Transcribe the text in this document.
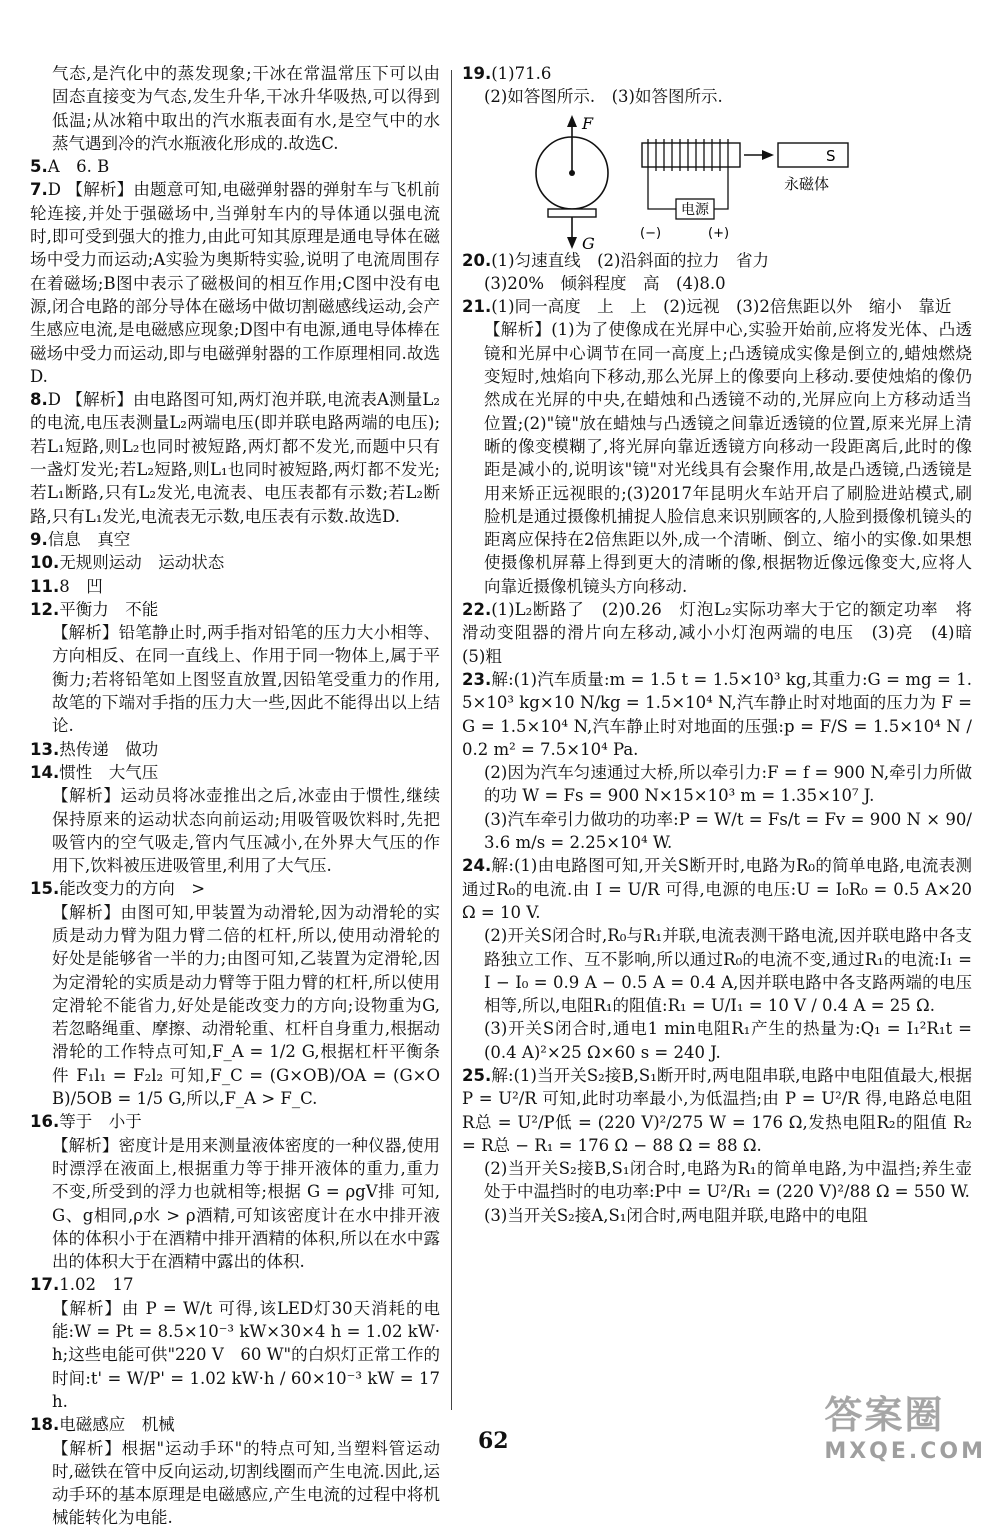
气态,是汽化中的蒸发现象;干冰在常温常压下可以由固态直接变为气态,发生升华,干冰升华吸热,可以得到低温;从冰箱中取出的汽水瓶表面有水,是空气中的水蒸气遇到冷的汽水瓶液化形成的.故选C.

5.A　6. B

7.D 【解析】由题意可知,电磁弹射器的弹射车与飞机前轮连接,并处于强磁场中,当弹射车内的导体通以强电流时,即可受到强大的推力,由此可知其原理是通电导体在磁场中受力而运动;A实验为奥斯特实验,说明了电流周围存在着磁场;B图中表示了磁极间的相互作用;C图中没有电源,闭合电路的部分导体在磁场中做切割磁感线运动,会产生感应电流,是电磁感应现象;D图中有电源,通电导体棒在磁场中受力而运动,即与电磁弹射器的工作原理相同.故选D.

8.D 【解析】由电路图可知,两灯泡并联,电流表A测量L₂的电流,电压表测量L₂两端电压(即并联电路两端的电压);若L₁短路,则L₂也同时被短路,两灯都不发光,而题中只有一盏灯发光;若L₂短路,则L₁也同时被短路,两灯都不发光;若L₁断路,只有L₂发光,电流表、电压表都有示数;若L₂断路,只有L₁发光,电流表无示数,电压表有示数.故选D.

9.信息　真空

10.无规则运动　运动状态

11.8　凹

12.平衡力　不能

【解析】铅笔静止时,两手指对铅笔的压力大小相等、方向相反、在同一直线上、作用于同一物体上,属于平衡力;若将铅笔如上图竖直放置,因铅笔受重力的作用,故笔的下端对手指的压力大一些,因此不能得出以上结论.

13.热传递　做功

14.惯性　大气压

【解析】运动员将冰壶推出之后,冰壶由于惯性,继续保持原来的运动状态向前运动;用吸管吸饮料时,先把吸管内的空气吸走,管内气压减小,在外界大气压的作用下,饮料被压进吸管里,利用了大气压.

15.能改变力的方向　>

【解析】由图可知,甲装置为动滑轮,因为动滑轮的实质是动力臂为阻力臂二倍的杠杆,所以,使用动滑轮的好处是能够省一半的力;由图可知,乙装置为定滑轮,因为定滑轮的实质是动力臂等于阻力臂的杠杆,所以使用定滑轮不能省力,好处是能改变力的方向;设物重为G,若忽略绳重、摩擦、动滑轮重、杠杆自身重力,根据动滑轮的工作特点可知,F_A = 1/2 G,根据杠杆平衡条件 F₁l₁ = F₂l₂ 可知,F_C = (G×OB)/OA = (G×OB)/5OB = 1/5 G,所以,F_A > F_C.

16.等于　小于

【解析】密度计是用来测量液体密度的一种仪器,使用时漂浮在液面上,根据重力等于排开液体的重力,重力不变,所受到的浮力也就相等;根据 G = ρgV排 可知,G、g相同,ρ水 > ρ酒精,可知该密度计在水中排开液体的体积小于在酒精中排开酒精的体积,所以在水中露出的体积大于在酒精中露出的体积.

17.1.02　17

【解析】由 P = W/t 可得,该LED灯30天消耗的电能:W = Pt = 8.5×10⁻³ kW×30×4 h = 1.02 kW·h;这些电能可供"220 V　60 W"的白炽灯正常工作的时间:t' = W/P' = 1.02 kW·h / 60×10⁻³ kW = 17 h.

18.电磁感应　机械

【解析】根据"运动手环"的特点可知,当塑料管运动时,磁铁在管中反向运动,切割线圈而产生电流.因此,运动手环的基本原理是电磁感应,产生电流的过程中将机械能转化为电能.

19.(1)71.6

(2)如答图所示.　(3)如答图所示.

F
G
S
永磁体
电源
(−)	(+)

20.(1)匀速直线　(2)沿斜面的拉力　省力

(3)20%　倾斜程度　高　(4)8.0

21.(1)同一高度　上　上　(2)远视　(3)2倍焦距以外　缩小　靠近

【解析】(1)为了使像成在光屏中心,实验开始前,应将发光体、凸透镜和光屏中心调节在同一高度上;凸透镜成实像是倒立的,蜡烛燃烧变短时,烛焰向下移动,那么光屏上的像要向上移动.要使烛焰的像仍然成在光屏的中央,在蜡烛和凸透镜不动的,光屏应向上方移动适当位置;(2)"镜"放在蜡烛与凸透镜之间靠近透镜的位置,原来光屏上清晰的像变模糊了,将光屏向靠近透镜方向移动一段距离后,此时的像距是减小的,说明该"镜"对光线具有会聚作用,故是凸透镜,凸透镜是用来矫正远视眼的;(3)2017年昆明火车站开启了刷脸进站模式,刷脸机是通过摄像机捕捉人脸信息来识别顾客的,人脸到摄像机镜头的距离应保持在2倍焦距以外,成一个清晰、倒立、缩小的实像.如果想使摄像机屏幕上得到更大的清晰的像,根据物近像远像变大,应将人向靠近摄像机镜头方向移动.

22.(1)L₂断路了　(2)0.26　灯泡L₂实际功率大于它的额定功率　将滑动变阻器的滑片向左移动,减小小灯泡两端的电压　(3)亮　(4)暗　(5)粗

23.解:(1)汽车质量:m = 1.5 t = 1.5×10³ kg,其重力:G = mg = 1.5×10³ kg×10 N/kg = 1.5×10⁴ N,汽车静止时对地面的压力为 F = G = 1.5×10⁴ N,汽车静止时对地面的压强:p = F/S = 1.5×10⁴ N / 0.2 m² = 7.5×10⁴ Pa.

(2)因为汽车匀速通过大桥,所以牵引力:F = f = 900 N,牵引力所做的功 W = Fs = 900 N×15×10³ m = 1.35×10⁷ J.

(3)汽车牵引力做功的功率:P = W/t = Fs/t = Fv = 900 N × 90/3.6 m/s = 2.25×10⁴ W.

24.解:(1)由电路图可知,开关S断开时,电路为R₀的简单电路,电流表测通过R₀的电流.由 I = U/R 可得,电源的电压:U = I₀R₀ = 0.5 A×20 Ω = 10 V.

(2)开关S闭合时,R₀与R₁并联,电流表测干路电流,因并联电路中各支路独立工作、互不影响,所以通过R₀的电流不变,通过R₁的电流:I₁ = I − I₀ = 0.9 A − 0.5 A = 0.4 A,因并联电路中各支路两端的电压相等,所以,电阻R₁的阻值:R₁ = U/I₁ = 10 V / 0.4 A = 25 Ω.

(3)开关S闭合时,通电1 min电阻R₁产生的热量为:Q₁ = I₁²R₁t = (0.4 A)²×25 Ω×60 s = 240 J.

25.解:(1)当开关S₂接B,S₁断开时,两电阻串联,电路中电阻值最大,根据 P = U²/R 可知,此时功率最小,为低温挡;由 P = U²/R 得,电路总电阻 R总 = U²/P低 = (220 V)²/275 W = 176 Ω,发热电阻R₂的阻值 R₂ = R总 − R₁ = 176 Ω − 88 Ω = 88 Ω.

(2)当开关S₂接B,S₁闭合时,电路为R₁的简单电路,为中温挡;养生壶处于中温挡时的电功率:P中 = U²/R₁ = (220 V)²/88 Ω = 550 W.

(3)当开关S₂接A,S₁闭合时,两电阻并联,电路中的电阻

62
答案圈
MXQE.COM
